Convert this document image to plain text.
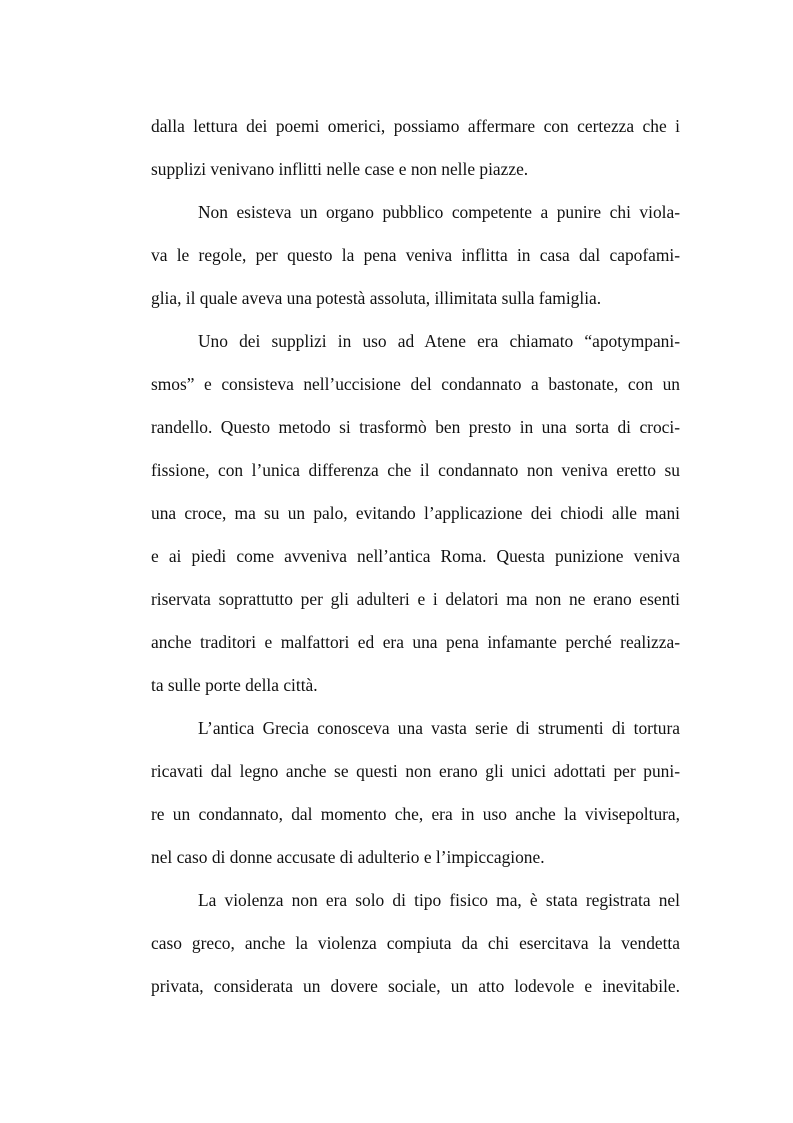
dalla lettura dei poemi omerici, possiamo affermare con certezza che i
supplizi venivano inflitti nelle case e non nelle piazze.
Non esisteva un organo pubblico competente a punire chi viola-
va le regole, per questo la pena veniva inflitta in casa dal capofami-
glia, il quale aveva una potestà assoluta, illimitata sulla famiglia.
Uno dei supplizi in uso ad Atene era chiamato “apotympani-
smos” e consisteva nell’uccisione del condannato a bastonate, con un
randello. Questo metodo si trasformò ben presto in una sorta di croci-
fissione, con l’unica differenza che il condannato non veniva eretto su
una croce, ma su un palo, evitando l’applicazione dei chiodi alle mani
e ai piedi come avveniva nell’antica Roma. Questa punizione veniva
riservata soprattutto per gli adulteri e i delatori ma non ne erano esenti
anche traditori e malfattori ed era una pena infamante perché realizza-
ta sulle porte della città.
L’antica Grecia conosceva una vasta serie di strumenti di tortura
ricavati dal legno anche se questi non erano gli unici adottati per puni-
re un condannato, dal momento che, era in uso anche la vivisepoltura,
nel caso di donne accusate di adulterio e l’impiccagione.
La violenza non era solo di tipo fisico ma, è stata registrata nel
caso greco, anche la violenza compiuta da chi esercitava la vendetta
privata, considerata un dovere sociale, un atto lodevole e inevitabile.
